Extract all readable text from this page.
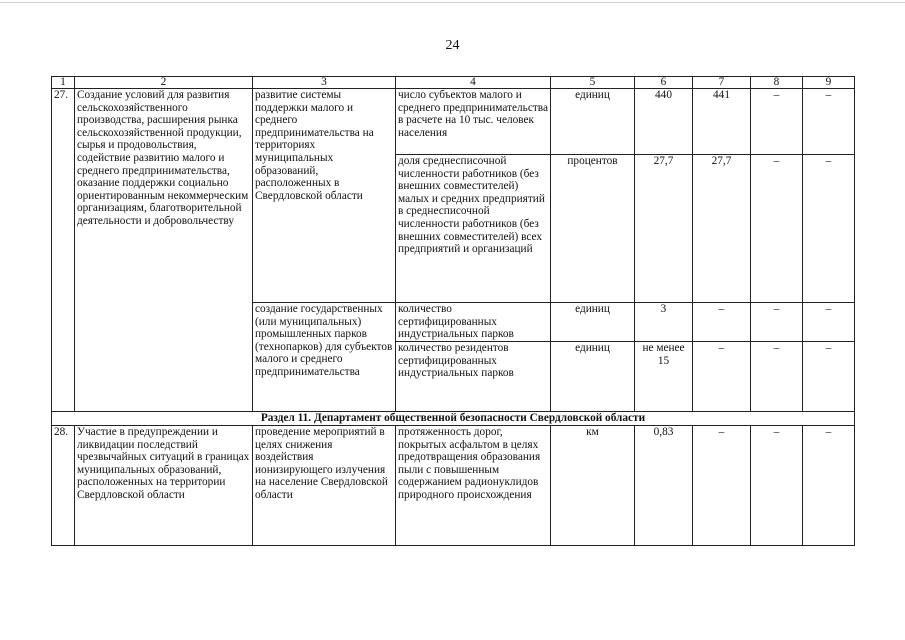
24
1	2	3	4	5	6	7	8	9
27.	Создание условий для развития сельскохозяйственного производства, расширения рынка сельскохозяйственной продукции, сырья и продовольствия, содействие развитию малого и среднего предпринимательства, оказание поддержки социально ориентированным некоммерческим организациям, благотворительной деятельности и добровольчеству	развитие системы поддержки малого и среднего предпринимательства на территориях муниципальных образований, расположенных в Свердловской области	число субъектов малого и среднего предпринимательства в расчете на 10 тыс. человек населения	единиц	440	441	–	–
			доля среднесписочной численности работников (без внешних совместителей) малых и средних предприятий в среднесписочной численности работников (без внешних совместителей) всех предприятий и организаций	процентов	27,7	27,7	–	–
		создание государственных (или муниципальных) промышленных парков (технопарков) для субъектов малого и среднего предпринимательства	количество сертифицированных индустриальных парков	единиц	3	–	–	–
			количество резидентов сертифицированных индустриальных парков	единиц	не менее 15	–	–	–
Раздел 11. Департамент общественной безопасности Свердловской области								
28.	Участие в предупреждении и ликвидации последствий чрезвычайных ситуаций в границах муниципальных образований, расположенных на территории Свердловской области	проведение мероприятий в целях снижения воздействия ионизирующего излучения на население Свердловской области	протяженность дорог, покрытых асфальтом в целях предотвращения образования пыли с повышенным содержанием радионуклидов природного происхождения	км	0,83	–	–	–
